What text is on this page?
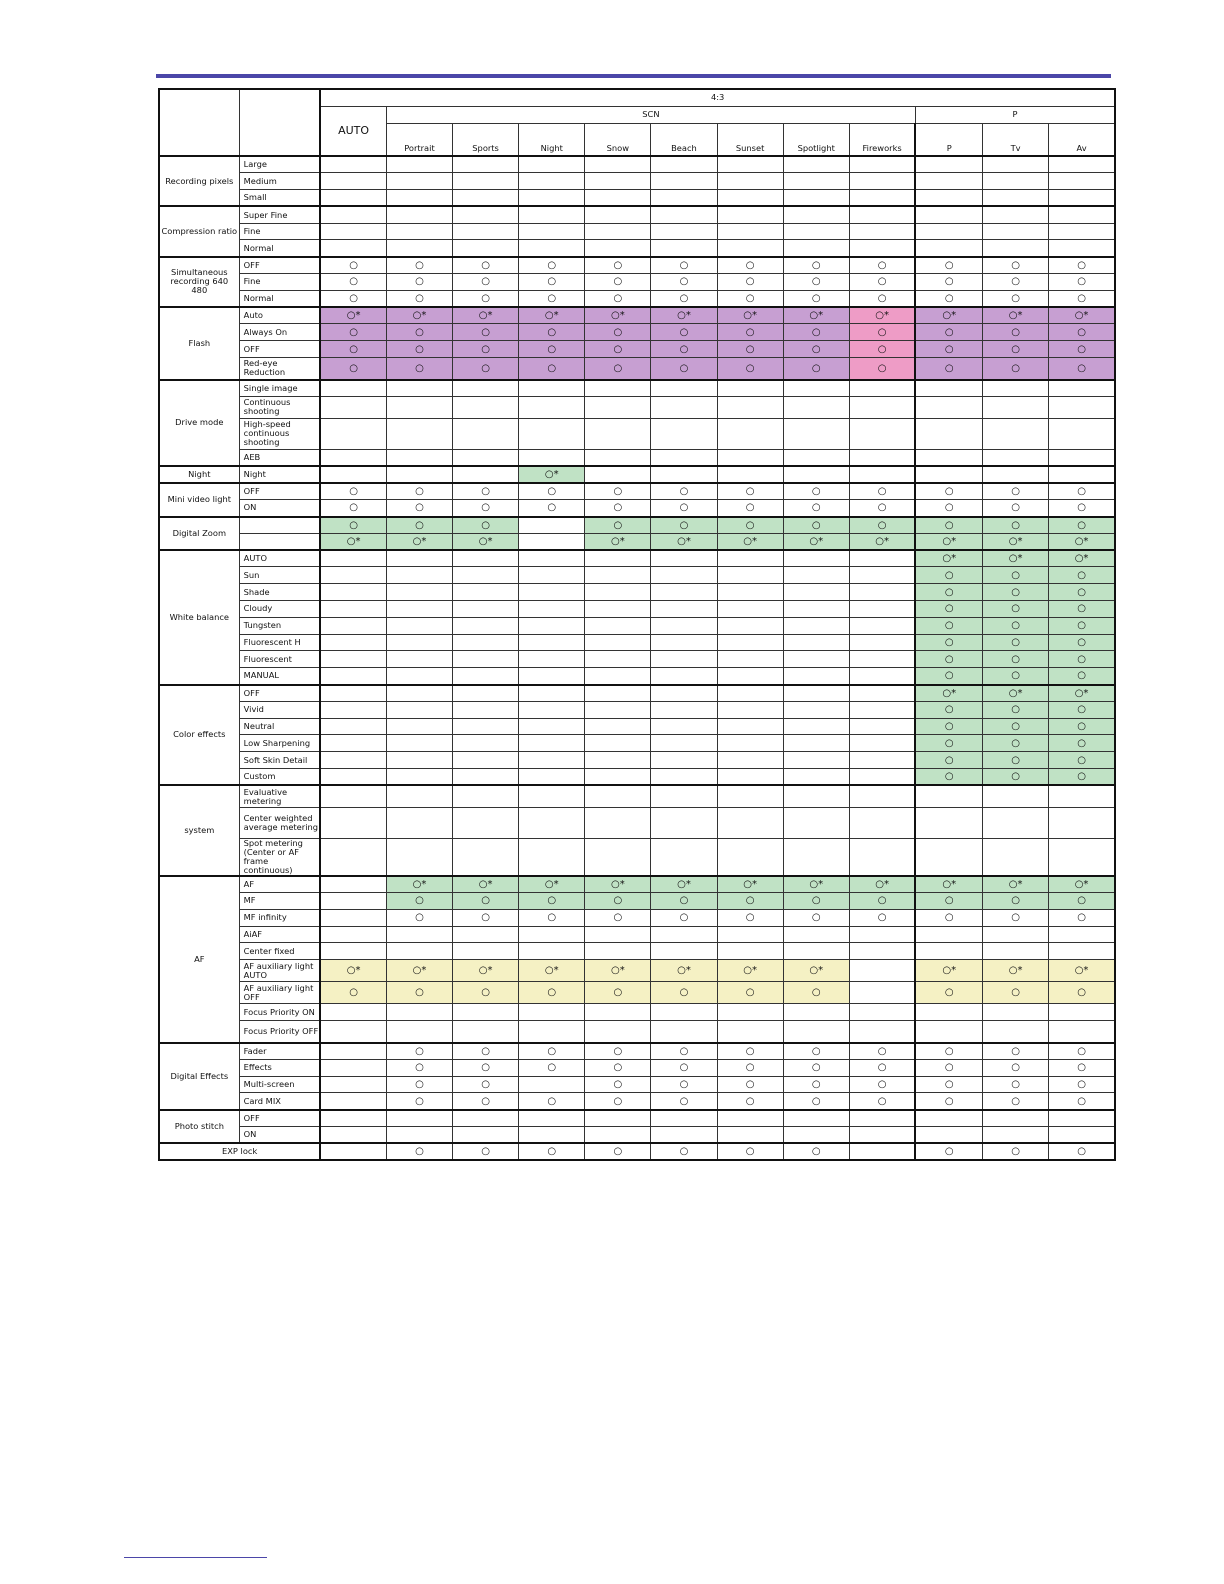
		4:3											
		AUTO	SCN								P		
			Portrait	Sports	Night	Snow	Beach	Sunset	Spotlight	Fireworks	P	Tv	Av
Recording pixels	Large												
	Medium												
	Small												
Compression ratio	Super Fine												
	Fine												
	Normal												
Simultaneous recording 640　480	OFF	○	○	○	○	○	○	○	○	○	○	○	○
	Fine	○	○	○	○	○	○	○	○	○	○	○	○
	Normal	○	○	○	○	○	○	○	○	○	○	○	○
Flash	Auto	○*	○*	○*	○*	○*	○*	○*	○*	○*	○*	○*	○*
	Always On	○	○	○	○	○	○	○	○	○	○	○	○
	OFF	○	○	○	○	○	○	○	○	○	○	○	○
	Red-eye Reduction	○	○	○	○	○	○	○	○	○	○	○	○
Drive mode	Single image												
	Continuous shooting												
	High-speed continuous shooting												
	AEB												
Night	Night				○*								
Mini video light	OFF	○	○	○	○	○	○	○	○	○	○	○	○
	ON	○	○	○	○	○	○	○	○	○	○	○	○
Digital Zoom		○	○	○		○	○	○	○	○	○	○	○
		○*	○*	○*		○*	○*	○*	○*	○*	○*	○*	○*
White balance	AUTO										○*	○*	○*
	Sun										○	○	○
	Shade										○	○	○
	Cloudy										○	○	○
	Tungsten										○	○	○
	Fluorescent H										○	○	○
	Fluorescent										○	○	○
	MANUAL										○	○	○
Color effects	OFF										○*	○*	○*
	Vivid										○	○	○
	Neutral										○	○	○
	Low Sharpening										○	○	○
	Soft Skin Detail										○	○	○
	Custom										○	○	○
system	Evaluative metering												
	Center weighted average metering												
	Spot metering (Center or AF frame continuous)												
AF	AF		○*	○*	○*	○*	○*	○*	○*	○*	○*	○*	○*
	MF		○	○	○	○	○	○	○	○	○	○	○
	MF infinity		○	○	○	○	○	○	○	○	○	○	○
	AiAF												
	Center fixed												
	AF auxiliary light AUTO	○*	○*	○*	○*	○*	○*	○*	○*		○*	○*	○*
	AF auxiliary light OFF	○	○	○	○	○	○	○	○		○	○	○
	Focus Priority ON												
	Focus Priority OFF												
Digital Effects	Fader		○	○	○	○	○	○	○	○	○	○	○
	Effects		○	○	○	○	○	○	○	○	○	○	○
	Multi-screen		○	○		○	○	○	○	○	○	○	○
	Card MIX		○	○	○	○	○	○	○	○	○	○	○
Photo stitch	OFF												
	ON												
EXP lock			○	○	○	○	○	○	○		○	○	○
